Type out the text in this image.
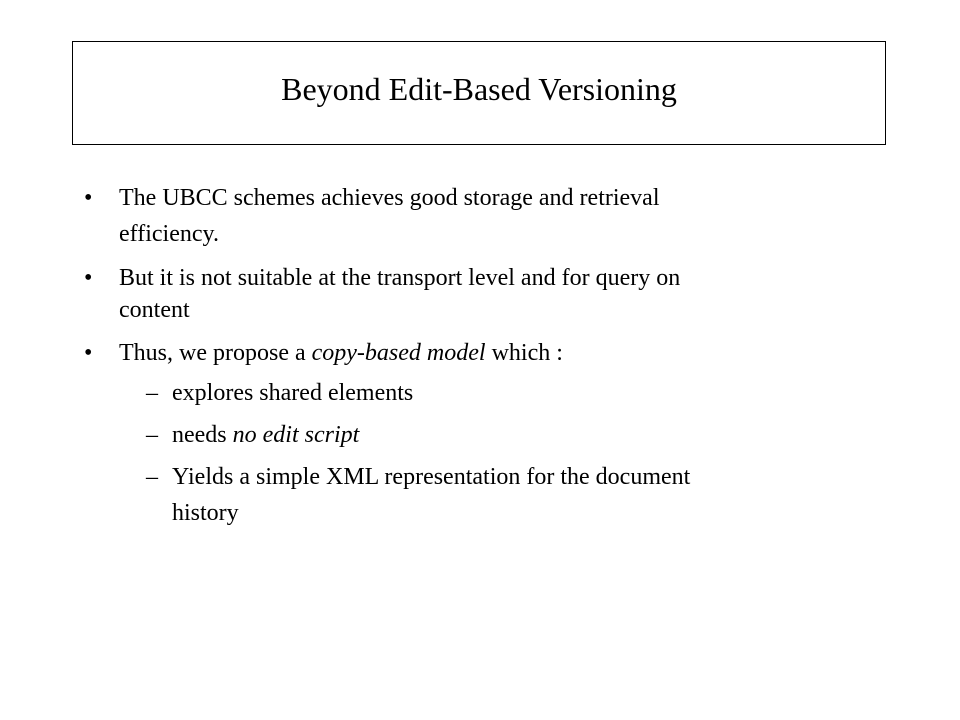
Beyond Edit-Based Versioning
• The UBCC schemes achieves good storage and retrieval
efficiency.
• But it is not suitable at the transport level and for query on
content
• Thus, we propose a copy-based model which :
– explores shared elements
– needs no edit script
– Yields a simple XML representation for the document
history
